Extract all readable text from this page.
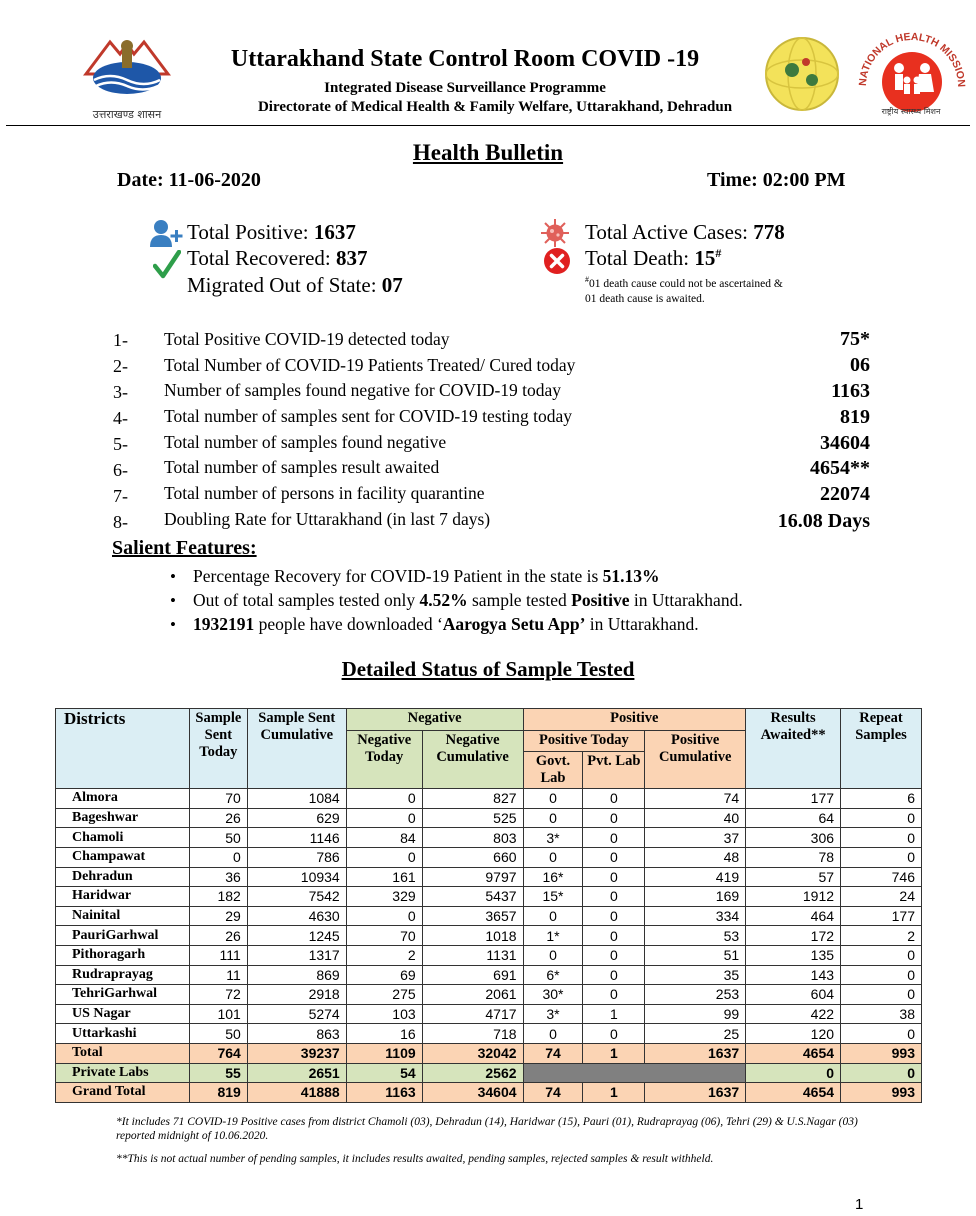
उत्तराखण्ड शासन
Uttarakhand State Control Room COVID -19
Integrated Disease Surveillance Programme
Directorate of Medical Health & Family Welfare, Uttarakhand, Dehradun
NATIONAL HEALTH MISSION
राष्ट्रीय स्वास्थ्य मिशन
Health Bulletin
Date: 11-06-2020	Time: 02:00 PM
Total Positive: 1637
Total Recovered: 837
Migrated Out of State: 07
Total Active Cases: 778
Total Death: 15#
#01 death cause could not be ascertained &
01 death cause is awaited.
1- Total Positive COVID-19 detected today	75*
2- Total Number of COVID-19 Patients Treated/ Cured today	06
3- Number of samples found negative for COVID-19 today	1163
4- Total number of samples sent for COVID-19 testing today	819
5- Total number of samples found negative	34604
6- Total number of samples result awaited	4654**
7- Total number of persons in facility quarantine	22074
8- Doubling Rate for Uttarakhand (in last 7 days)	16.08 Days
Salient Features:
• Percentage Recovery for COVID-19 Patient in the state is 51.13%
• Out of total samples tested only 4.52% sample tested Positive in Uttarakhand.
• 1932191 people have downloaded ‘Aarogya Setu App’ in Uttarakhand.
Detailed Status of Sample Tested
Districts	Sample Sent Today	Sample Sent Cumulative	Negative		Positive			Results Awaited**	Repeat Samples
			Negative Today	Negative Cumulative	Positive Today		Positive Cumulative		
					Govt. Lab	Pvt. Lab			
Almora	70	1084	0	827	0	0	74	177	6
Bageshwar	26	629	0	525	0	0	40	64	0
Chamoli	50	1146	84	803	3*	0	37	306	0
Champawat	0	786	0	660	0	0	48	78	0
Dehradun	36	10934	161	9797	16*	0	419	57	746
Haridwar	182	7542	329	5437	15*	0	169	1912	24
Nainital	29	4630	0	3657	0	0	334	464	177
PauriGarhwal	26	1245	70	1018	1*	0	53	172	2
Pithoragarh	111	1317	2	1131	0	0	51	135	0
Rudraprayag	11	869	69	691	6*	0	35	143	0
TehriGarhwal	72	2918	275	2061	30*	0	253	604	0
US Nagar	101	5274	103	4717	3*	1	99	422	38
Uttarkashi	50	863	16	718	0	0	25	120	0
Total	764	39237	1109	32042	74	1	1637	4654	993
Private Labs	55	2651	54	2562				0	0
Grand Total	819	41888	1163	34604	74	1	1637	4654	993
*It includes 71 COVID-19 Positive cases from district Chamoli (03), Dehradun (14), Haridwar (15), Pauri (01), Rudraprayag (06), Tehri (29) & U.S.Nagar (03) reported midnight of 10.06.2020.
**This is not actual number of pending samples, it includes results awaited, pending samples, rejected samples & result withheld.
1
